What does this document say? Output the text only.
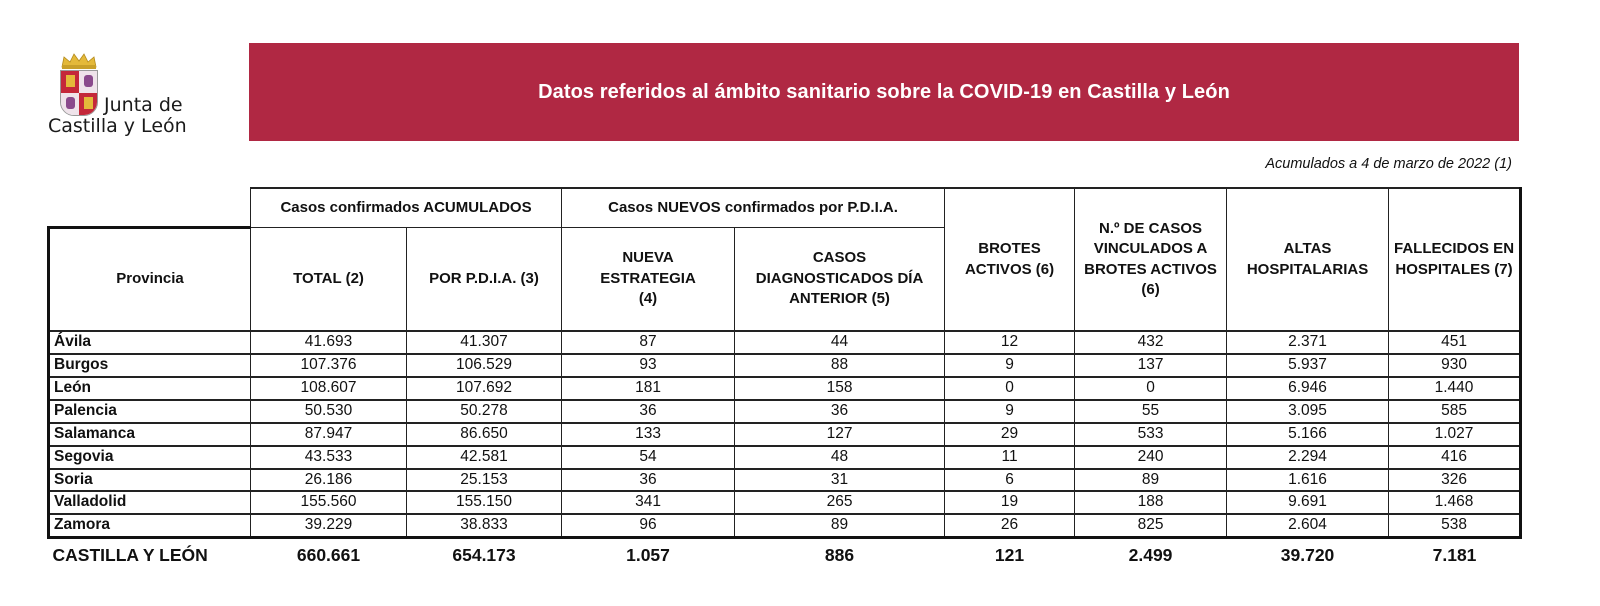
Junta de
Castilla y León
Datos referidos al ámbito sanitario sobre la COVID-19 en Castilla y León
Acumulados a 4 de marzo de 2022 (1)
	Casos confirmados ACUMULADOS		Casos NUEVOS confirmados por P.D.I.A.		BROTES ACTIVOS (6)	N.º DE CASOS VINCULADOS A BROTES ACTIVOS (6)	ALTAS HOSPITALARIAS	FALLECIDOS EN HOSPITALES (7)
Provincia	TOTAL (2)	POR P.D.I.A. (3)	NUEVA ESTRATEGIA (4)	CASOS DIAGNOSTICADOS DÍA ANTERIOR (5)				
Ávila	41.693	41.307	87	44	12	432	2.371	451
Burgos	107.376	106.529	93	88	9	137	5.937	930
León	108.607	107.692	181	158	0	0	6.946	1.440
Palencia	50.530	50.278	36	36	9	55	3.095	585
Salamanca	87.947	86.650	133	127	29	533	5.166	1.027
Segovia	43.533	42.581	54	48	11	240	2.294	416
Soria	26.186	25.153	36	31	6	89	1.616	326
Valladolid	155.560	155.150	341	265	19	188	9.691	1.468
Zamora	39.229	38.833	96	89	26	825	2.604	538
CASTILLA Y LEÓN	660.661	654.173	1.057	886	121	2.499	39.720	7.181
